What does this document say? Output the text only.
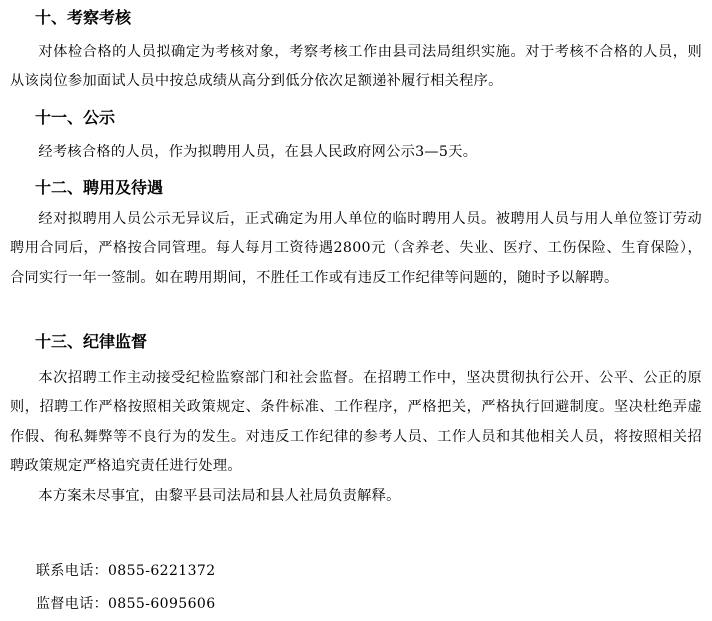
十、考察考核

对体检合格的人员拟确定为考核对象，考察考核工作由县司法局组织实施。对于考核不合格的人员，则从该岗位参加面试人员中按总成绩从高分到低分依次足额递补履行相关程序。

十一、公示

经考核合格的人员，作为拟聘用人员，在县人民政府网公示3—5天。

十二、聘用及待遇

经对拟聘用人员公示无异议后，正式确定为用人单位的临时聘用人员。被聘用人员与用人单位签订劳动聘用合同后，严格按合同管理。每人每月工资待遇2800元（含养老、失业、医疗、工伤保险、生育保险），合同实行一年一签制。如在聘用期间，不胜任工作或有违反工作纪律等问题的，随时予以解聘。

十三、纪律监督

本次招聘工作主动接受纪检监察部门和社会监督。在招聘工作中，坚决贯彻执行公开、公平、公正的原则，招聘工作严格按照相关政策规定、条件标准、工作程序，严格把关，严格执行回避制度。坚决杜绝弄虚作假、徇私舞弊等不良行为的发生。对违反工作纪律的参考人员、工作人员和其他相关人员，将按照相关招聘政策规定严格追究责任进行处理。

本方案未尽事宜，由黎平县司法局和县人社局负责解释。

联系电话：0855-6221372

监督电话：0855-6095606
